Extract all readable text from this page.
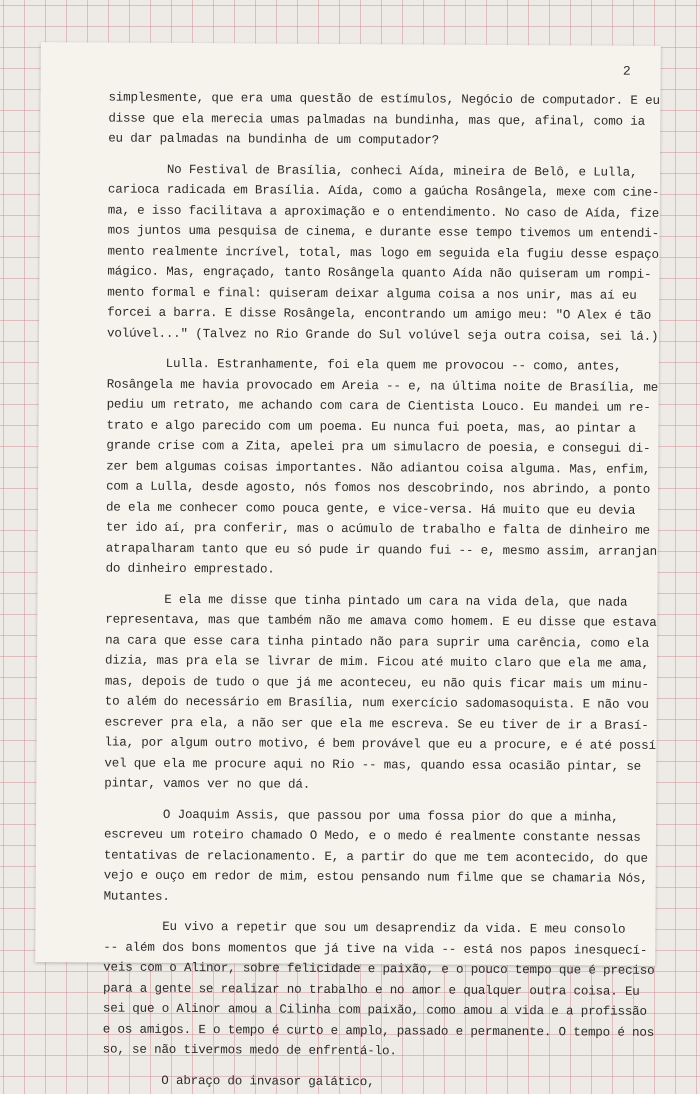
2
simplesmente, que era uma questão de estímulos, Negócio de computador. E eu
disse que ela merecia umas palmadas na bundinha, mas que, afinal, como ia
eu dar palmadas na bundinha de um computador?
No Festival de Brasília, conheci Aída, mineira de Belô, e Lulla,
carioca radicada em Brasília. Aída, como a gaúcha Rosângela, mexe com cine-
ma, e isso facilitava a aproximação e o entendimento. No caso de Aída, fize
mos juntos uma pesquisa de cinema, e durante esse tempo tivemos um entendi-
mento realmente incrível, total, mas logo em seguida ela fugiu desse espaço
mágico. Mas, engraçado, tanto Rosângela quanto Aída não quiseram um rompi-
mento formal e final: quiseram deixar alguma coisa a nos unir, mas aí eu
forcei a barra. E disse Rosângela, encontrando um amigo meu: "O Alex é tão
volúvel..." (Talvez no Rio Grande do Sul volúvel seja outra coisa, sei lá.)
Lulla. Estranhamente, foi ela quem me provocou -- como, antes,
Rosângela me havia provocado em Areia -- e, na última noite de Brasília, me
pediu um retrato, me achando com cara de Cientista Louco. Eu mandei um re-
trato e algo parecido com um poema. Eu nunca fui poeta, mas, ao pintar a
grande crise com a Zita, apelei pra um simulacro de poesia, e consegui di-
zer bem algumas coisas importantes. Não adiantou coisa alguma. Mas, enfim,
com a Lulla, desde agosto, nós fomos nos descobrindo, nos abrindo, a ponto
de ela me conhecer como pouca gente, e vice-versa. Há muito que eu devia
ter ido aí, pra conferir, mas o acúmulo de trabalho e falta de dinheiro me
atrapalharam tanto que eu só pude ir quando fui -- e, mesmo assim, arranjan
do dinheiro emprestado.
E ela me disse que tinha pintado um cara na vida dela, que nada
representava, mas que também não me amava como homem. E eu disse que estava
na cara que esse cara tinha pintado não para suprir uma carência, como ela
dizia, mas pra ela se livrar de mim. Ficou até muito claro que ela me ama,
mas, depois de tudo o que já me aconteceu, eu não quis ficar mais um minu-
to além do necessário em Brasília, num exercício sadomasoquista. E não vou
escrever pra ela, a não ser que ela me escreva. Se eu tiver de ir a Brasí-
lia, por algum outro motivo, é bem provável que eu a procure, e é até possí
vel que ela me procure aqui no Rio -- mas, quando essa ocasião pintar, se
pintar, vamos ver no que dá.
O Joaquim Assis, que passou por uma fossa pior do que a minha,
escreveu um roteiro chamado O Medo, e o medo é realmente constante nessas
tentativas de relacionamento. E, a partir do que me tem acontecido, do que
vejo e ouço em redor de mim, estou pensando num filme que se chamaria Nós,
Mutantes.
Eu vivo a repetir que sou um desaprendiz da vida. E meu consolo
-- além dos bons momentos que já tive na vida -- está nos papos inesquecí-
veis com o Alinor, sobre felicidade e paixão, e o pouco tempo que é preciso
para a gente se realizar no trabalho e no amor e qualquer outra coisa. Eu
sei que o Alinor amou a Cilinha com paixão, como amou a vida e a profissão
e os amigos. E o tempo é curto e amplo, passado e permanente. O tempo é nos
so, se não tivermos medo de enfrentá-lo.
O abraço do invasor galático,
